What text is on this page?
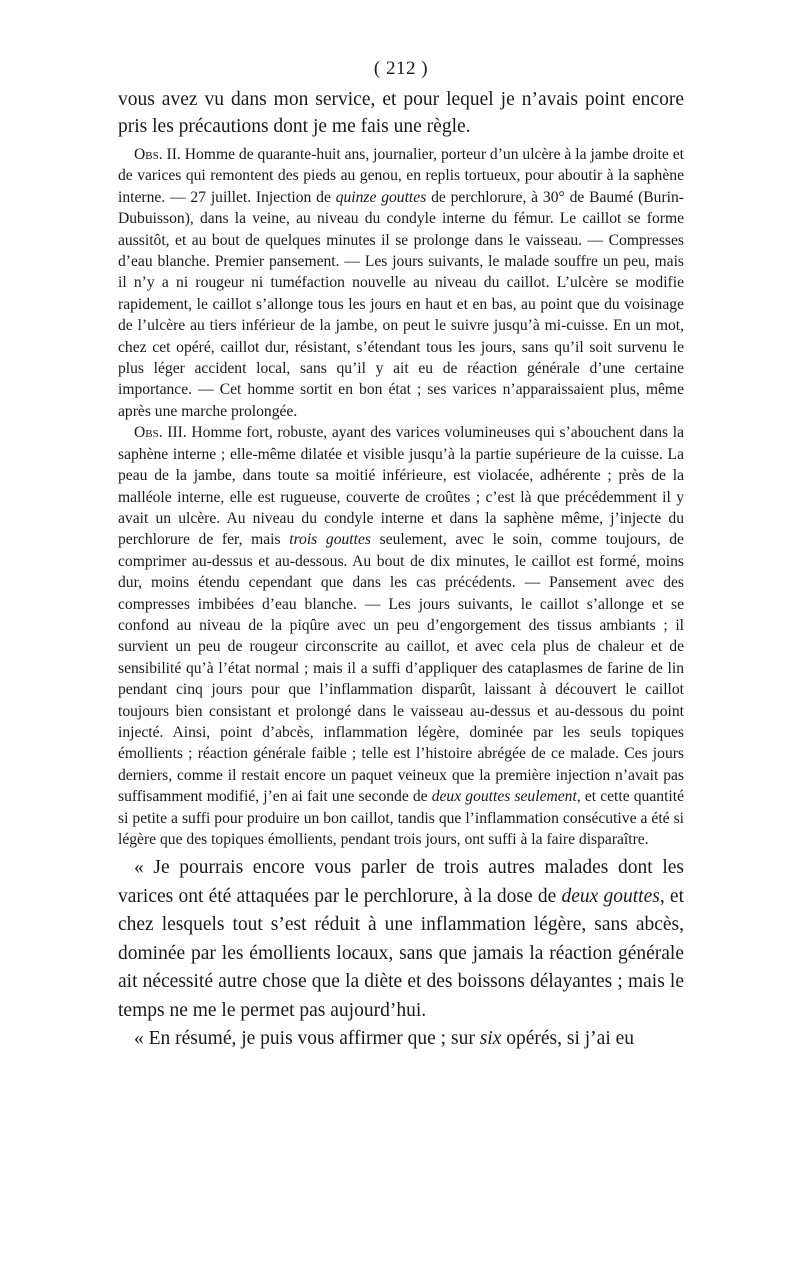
( 212 )

vous avez vu dans mon service, et pour lequel je n’avais point encore pris les précautions dont je me fais une règle.

Obs. II. Homme de quarante-huit ans, journalier, porteur d’un ulcère à la jambe droite et de varices qui remontent des pieds au genou, en replis tortueux, pour aboutir à la saphène interne. — 27 juillet. Injection de quinze gouttes de perchlorure, à 30° de Baumé (Burin-Dubuisson), dans la veine, au niveau du condyle interne du fémur. Le caillot se forme aussitôt, et au bout de quelques minutes il se prolonge dans le vaisseau. — Compresses d’eau blanche. Premier pansement. — Les jours suivants, le malade souffre un peu, mais il n’y a ni rougeur ni tuméfaction nouvelle au niveau du caillot. L’ulcère se modifie rapidement, le caillot s’allonge tous les jours en haut et en bas, au point que du voisinage de l’ulcère au tiers inférieur de la jambe, on peut le suivre jusqu’à mi-cuisse. En un mot, chez cet opéré, caillot dur, résistant, s’étendant tous les jours, sans qu’il soit survenu le plus léger accident local, sans qu’il y ait eu de réaction générale d’une certaine importance. — Cet homme sortit en bon état ; ses varices n’apparaissaient plus, même après une marche prolongée.

Obs. III. Homme fort, robuste, ayant des varices volumineuses qui s’abouchent dans la saphène interne ; elle-même dilatée et visible jusqu’à la partie supérieure de la cuisse. La peau de la jambe, dans toute sa moitié inférieure, est violacée, adhérente ; près de la malléole interne, elle est rugueuse, couverte de croûtes ; c’est là que précédemment il y avait un ulcère. Au niveau du condyle interne et dans la saphène même, j’injecte du perchlorure de fer, mais trois gouttes seulement, avec le soin, comme toujours, de comprimer au-dessus et au-dessous. Au bout de dix minutes, le caillot est formé, moins dur, moins étendu cependant que dans les cas précédents. — Pansement avec des compresses imbibées d’eau blanche. — Les jours suivants, le caillot s’allonge et se confond au niveau de la piqûre avec un peu d’engorgement des tissus ambiants ; il survient un peu de rougeur circonscrite au caillot, et avec cela plus de chaleur et de sensibilité qu’à l’état normal ; mais il a suffi d’appliquer des cataplasmes de farine de lin pendant cinq jours pour que l’inflammation disparût, laissant à découvert le caillot toujours bien consistant et prolongé dans le vaisseau au-dessus et au-dessous du point injecté. Ainsi, point d’abcès, inflammation légère, dominée par les seuls topiques émollients ; réaction générale faible ; telle est l’histoire abrégée de ce malade. Ces jours derniers, comme il restait encore un paquet veineux que la première injection n’avait pas suffisamment modifié, j’en ai fait une seconde de deux gouttes seulement, et cette quantité si petite a suffi pour produire un bon caillot, tandis que l’inflammation consécutive a été si légère que des topiques émollients, pendant trois jours, ont suffi à la faire disparaître.

« Je pourrais encore vous parler de trois autres malades dont les varices ont été attaquées par le perchlorure, à la dose de deux gouttes, et chez lesquels tout s’est réduit à une inflammation légère, sans abcès, dominée par les émollients locaux, sans que jamais la réaction générale ait nécessité autre chose que la diète et des boissons délayantes ; mais le temps ne me le permet pas aujourd’hui.

« En résumé, je puis vous affirmer que ; sur six opérés, si j’ai eu
